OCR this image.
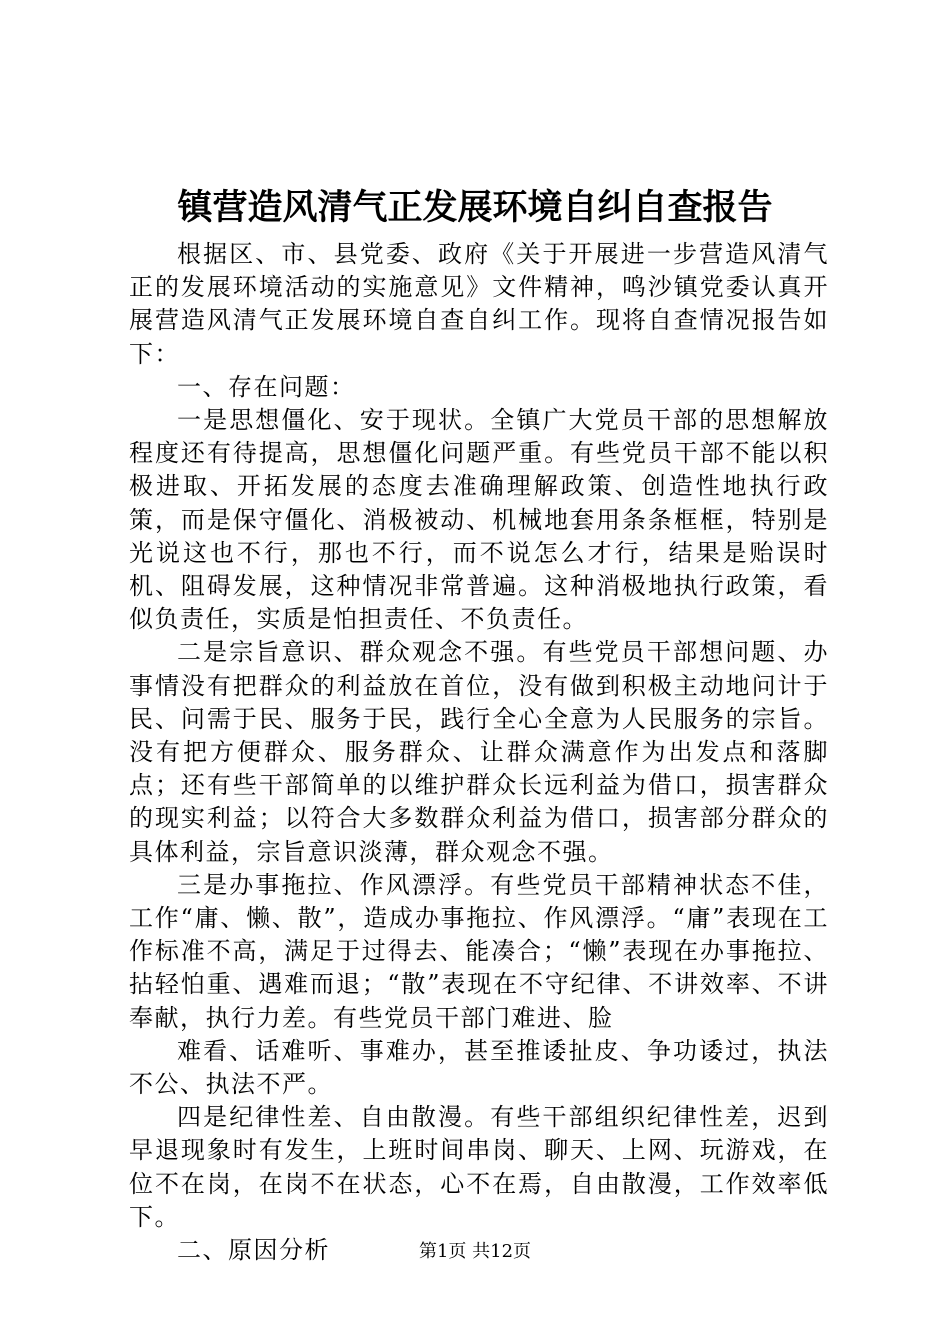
镇营造风清气正发展环境自纠自查报告

根据区、市、县党委、政府《关于开展进一步营造风清气正的发展环境活动的实施意见》文件精神，鸣沙镇党委认真开展营造风清气正发展环境自查自纠工作。现将自查情况报告如下：

一、存在问题：

一是思想僵化、安于现状。全镇广大党员干部的思想解放程度还有待提高，思想僵化问题严重。有些党员干部不能以积极进取、开拓发展的态度去准确理解政策、创造性地执行政策，而是保守僵化、消极被动、机械地套用条条框框，特别是光说这也不行，那也不行，而不说怎么才行，结果是贻误时机、阻碍发展，这种情况非常普遍。这种消极地执行政策，看似负责任，实质是怕担责任、不负责任。

二是宗旨意识、群众观念不强。有些党员干部想问题、办事情没有把群众的利益放在首位，没有做到积极主动地问计于民、问需于民、服务于民，践行全心全意为人民服务的宗旨。没有把方便群众、服务群众、让群众满意作为出发点和落脚点；还有些干部简单的以维护群众长远利益为借口，损害群众的现实利益；以符合大多数群众利益为借口，损害部分群众的具体利益，宗旨意识淡薄，群众观念不强。

三是办事拖拉、作风漂浮。有些党员干部精神状态不佳，工作“庸、懒、散”，造成办事拖拉、作风漂浮。“庸”表现在工作标准不高，满足于过得去、能凑合；“懒”表现在办事拖拉、拈轻怕重、遇难而退；“散”表现在不守纪律、不讲效率、不讲奉献，执行力差。有些党员干部门难进、脸

难看、话难听、事难办，甚至推诿扯皮、争功诿过，执法不公、执法不严。

四是纪律性差、自由散漫。有些干部组织纪律性差，迟到早退现象时有发生，上班时间串岗、聊天、上网、玩游戏，在位不在岗，在岗不在状态，心不在焉，自由散漫，工作效率低下。

二、原因分析	第1页 共12页
